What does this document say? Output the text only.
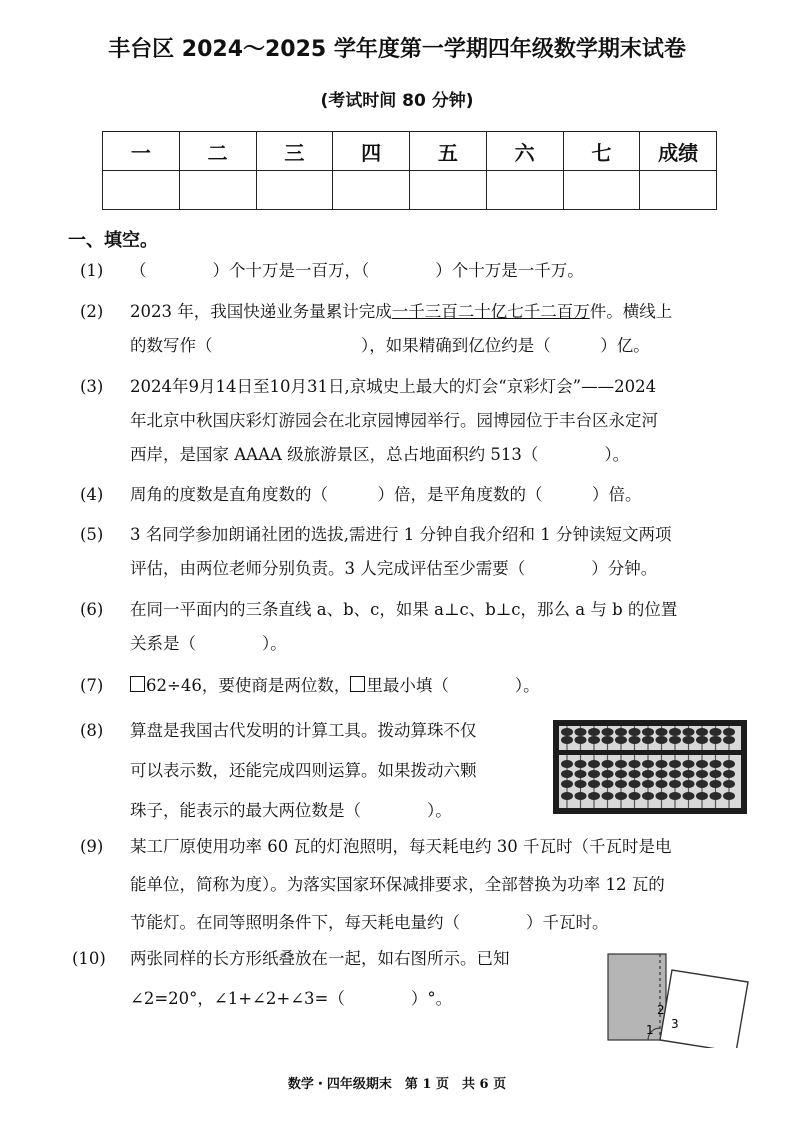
丰台区 2024～2025 学年度第一学期四年级数学期末试卷
(考试时间 80 分钟)
一	二	三	四	五	六	七	成绩

一、填空。
(1) （　　　　）个十万是一百万，（　　　　）个十万是一千万。
(2) 2023 年，我国快递业务量累计完成一千三百二十亿七千二百万件。横线上
的数写作（　　　　　　　　　），如果精确到亿位约是（　　　）亿。
(3) 2024年9月14日至10月31日,京城史上最大的灯会“京彩灯会”——2024
年北京中秋国庆彩灯游园会在北京园博园举行。园博园位于丰台区永定河
西岸，是国家 AAAA 级旅游景区，总占地面积约 513（　　　　）。
(4) 周角的度数是直角度数的（　　　）倍，是平角度数的（　　　）倍。
(5) 3 名同学参加朗诵社团的选拔,需进行 1 分钟自我介绍和 1 分钟读短文两项
评估，由两位老师分别负责。3 人完成评估至少需要（　　　　）分钟。
(6) 在同一平面内的三条直线 a、b、c，如果 a⊥c、b⊥c，那么 a 与 b 的位置
关系是（　　　　）。
(7)	62÷46，要使商是两位数， 里最小填（　　　　）。
(8) 算盘是我国古代发明的计算工具。拨动算珠不仅
可以表示数，还能完成四则运算。如果拨动六颗
珠子，能表示的最大两位数是（　　　　）。
(9) 某工厂原使用功率 60 瓦的灯泡照明，每天耗电约 30 千瓦时（千瓦时是电
能单位，简称为度）。为落实国家环保减排要求，全部替换为功率 12 瓦的
节能灯。在同等照明条件下，每天耗电量约（　　　　）千瓦时。
(10) 两张同样的长方形纸叠放在一起，如右图所示。已知
∠2=20°，∠1+∠2+∠3=（　　　　）°。
1
2
3
数学・四年级期末　第 1 页　共 6 页
